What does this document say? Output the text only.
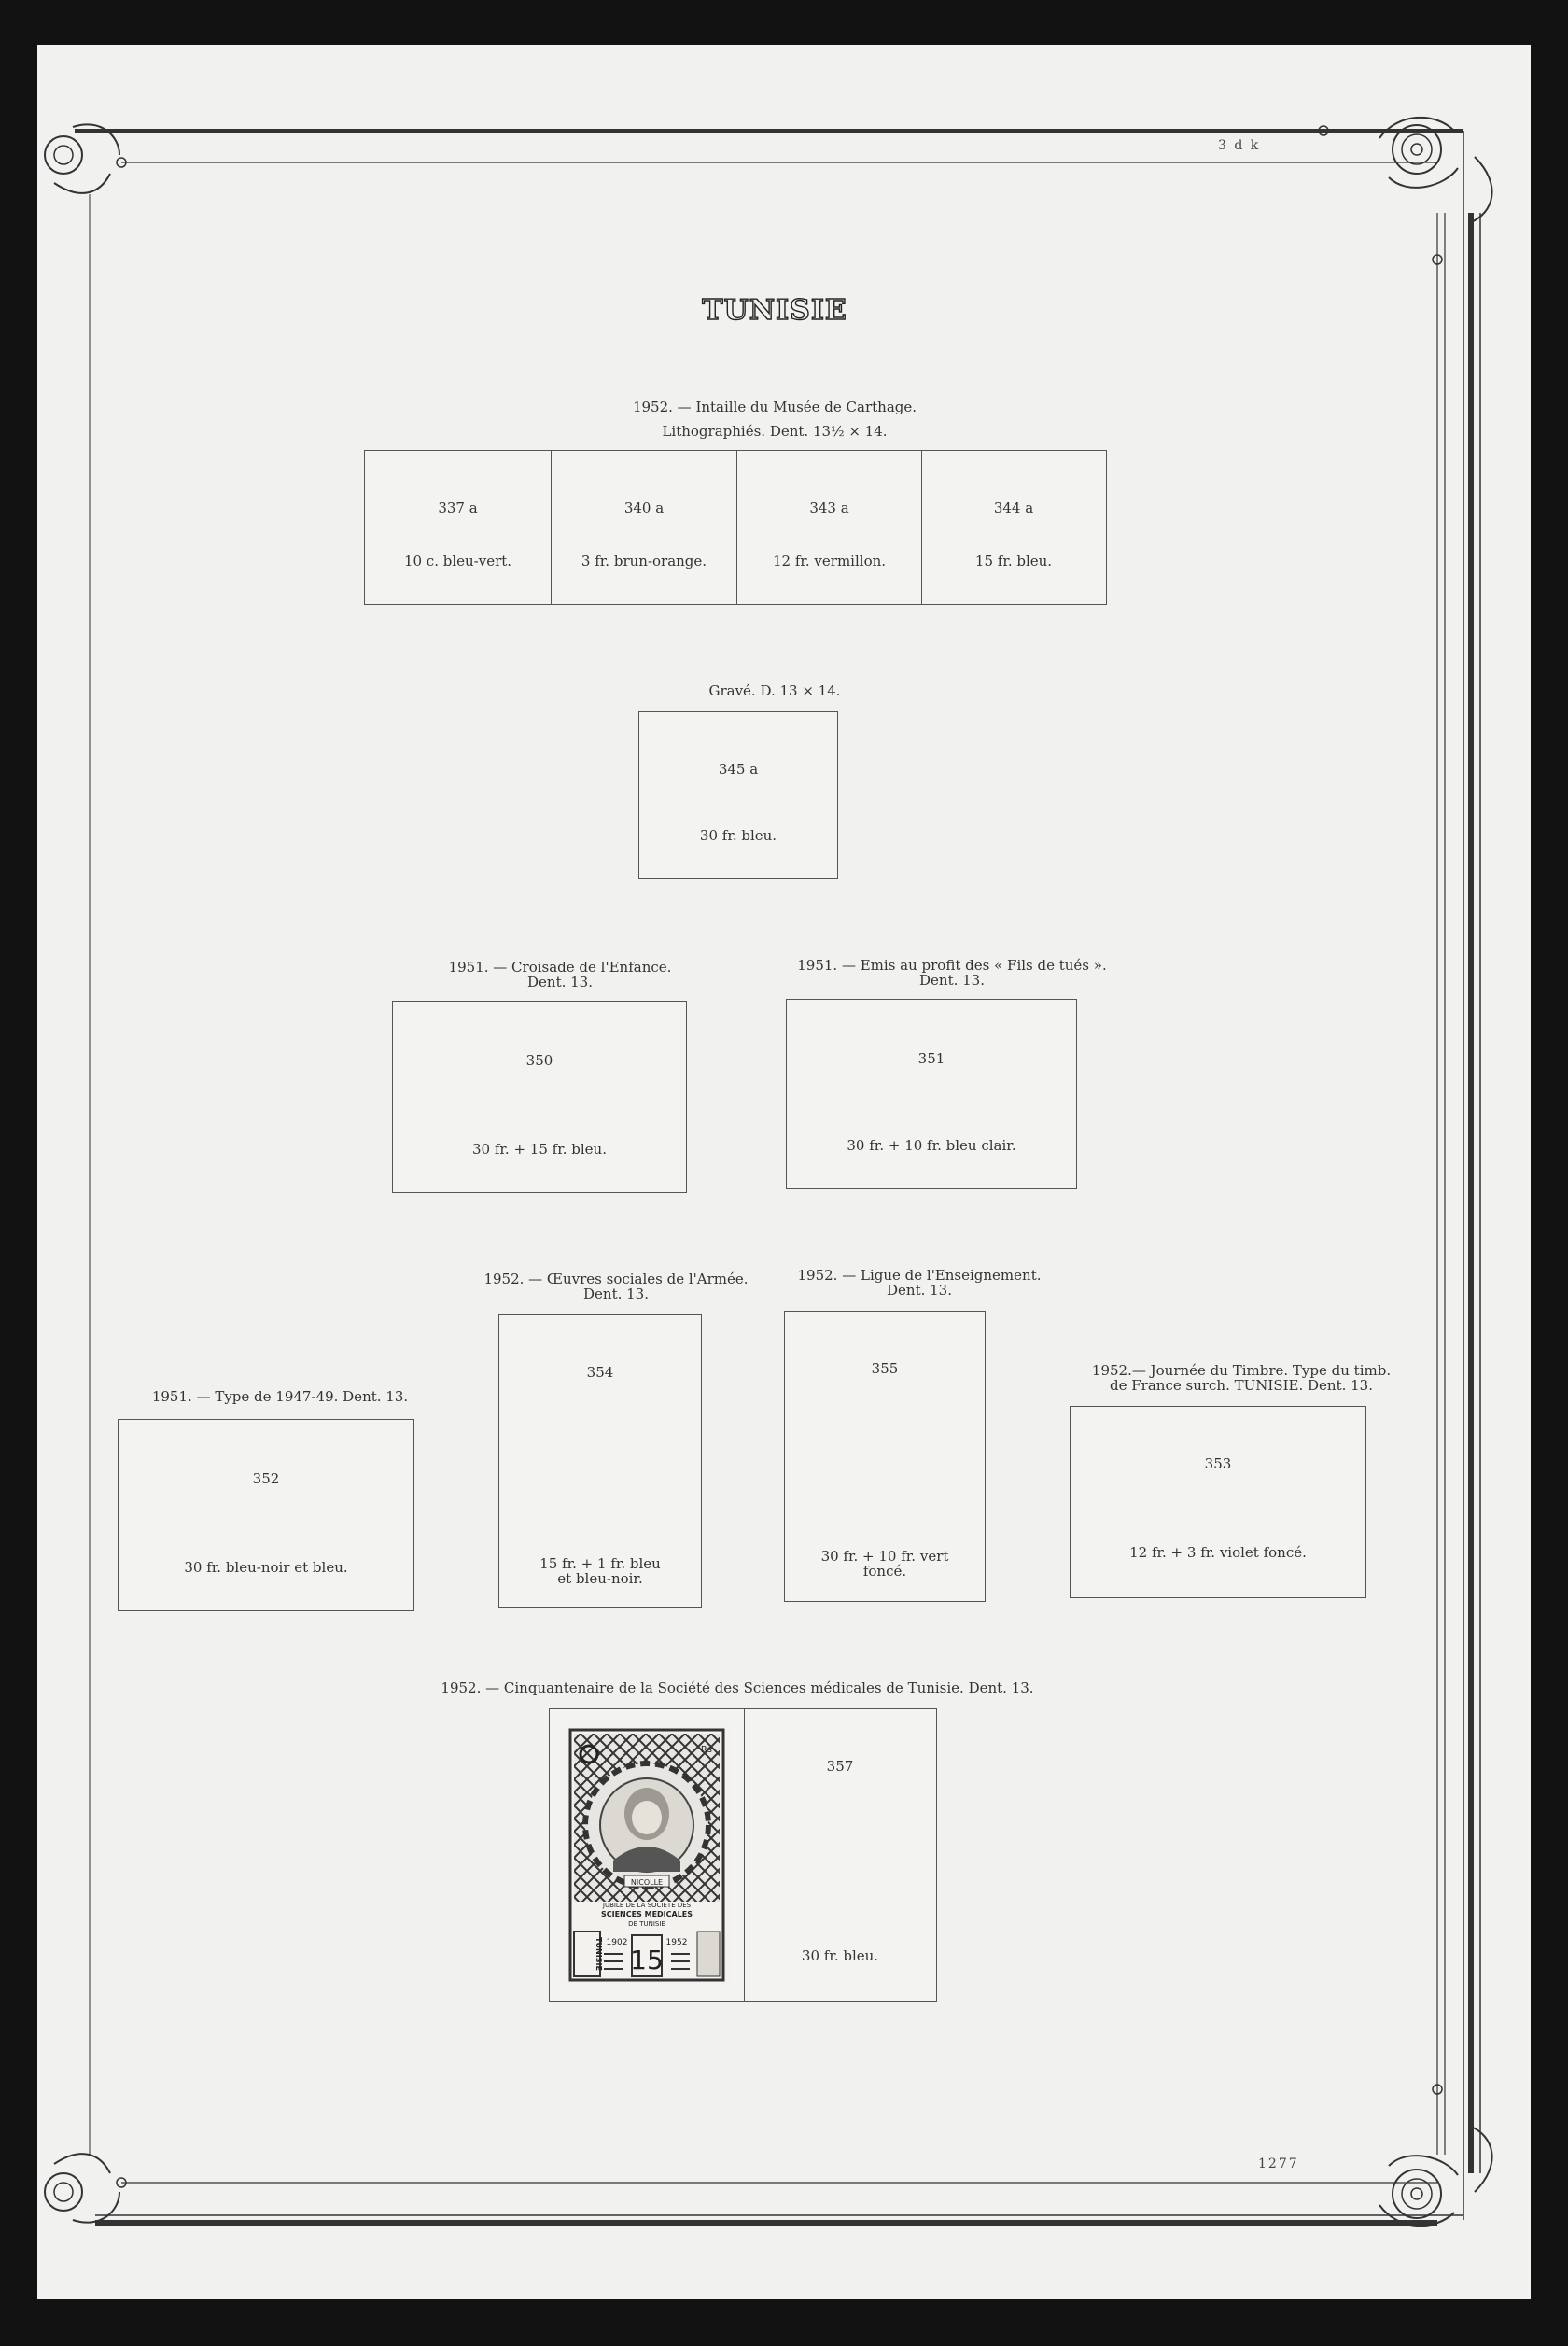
3 d k
TUNISIE
1952. — Intaille du Musée de Carthage.
Lithographiés. Dent. 13½ × 14.
337 a
10 c. bleu-vert.
340 a
3 fr. brun-orange.
343 a
12 fr. vermillon.
344 a
15 fr. bleu.
Gravé. D. 13 × 14.
345 a
30 fr. bleu.
1951. — Croisade de l'Enfance.
Dent. 13.
350
30 fr. + 15 fr. bleu.
1951. — Emis au profit des « Fils de tués ».
Dent. 13.
351
30 fr. + 10 fr. bleu clair.
1951. — Type de 1947-49. Dent. 13.
352
30 fr. bleu-noir et bleu.
1952. — Œuvres sociales de l'Armée.
Dent. 13.
354
15 fr. + 1 fr. bleu
et bleu-noir.
1952. — Ligue de l'Enseignement.
Dent. 13.
355
30 fr. + 10 fr. vert
foncé.
1952.— Journée du Timbre. Type du timb.
de France surch. TUNISIE. Dent. 13.
353
12 fr. + 3 fr. violet foncé.
1952. — Cinquantenaire de la Société des Sciences médicales de Tunisie. Dent. 13.
Rs
NICOLLE
JUBILE DE LA SOCIETE DES
SCIENCES MEDICALES
DE TUNISIE
TUNISIE 1902	1952
15
357
30 fr. bleu.
1277
